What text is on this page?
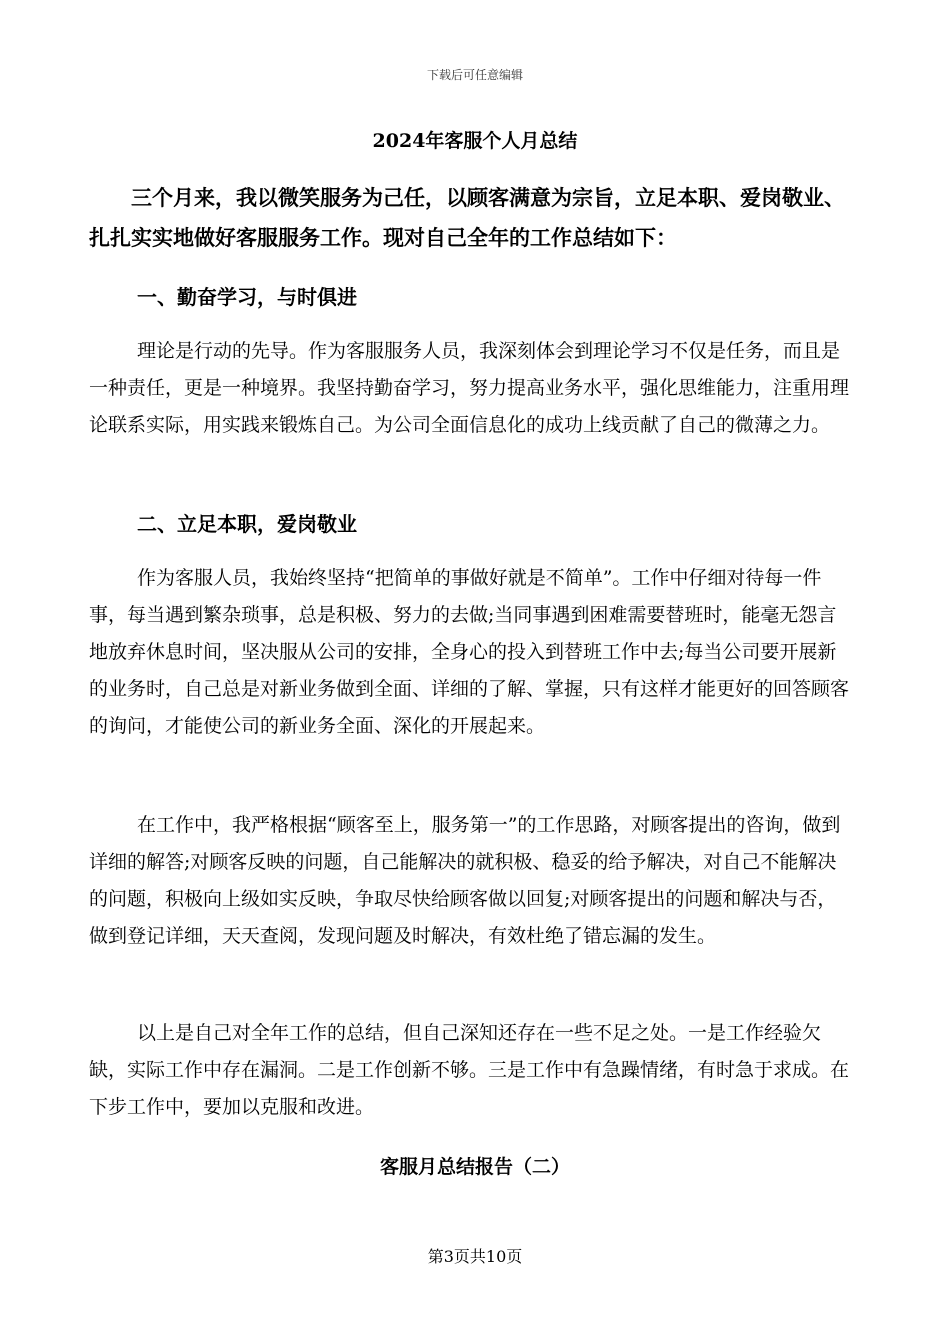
下载后可任意编辑
2024年客服个人月总结

三个月来，我以微笑服务为己任，以顾客满意为宗旨，立足本职、爱岗敬业、扎扎实实地做好客服服务工作。现对自己全年的工作总结如下：

一、勤奋学习，与时俱进

理论是行动的先导。作为客服服务人员，我深刻体会到理论学习不仅是任务，而且是一种责任，更是一种境界。我坚持勤奋学习，努力提高业务水平，强化思维能力，注重用理论联系实际，用实践来锻炼自己。为公司全面信息化的成功上线贡献了自己的微薄之力。

二、立足本职，爱岗敬业

作为客服人员，我始终坚持“把简单的事做好就是不简单”。工作中仔细对待每一件事，每当遇到繁杂琐事，总是积极、努力的去做;当同事遇到困难需要替班时，能毫无怨言地放弃休息时间，坚决服从公司的安排，全身心的投入到替班工作中去;每当公司要开展新的业务时，自己总是对新业务做到全面、详细的了解、掌握，只有这样才能更好的回答顾客的询问，才能使公司的新业务全面、深化的开展起来。

在工作中，我严格根据“顾客至上，服务第一”的工作思路，对顾客提出的咨询，做到详细的解答;对顾客反映的问题，自己能解决的就积极、稳妥的给予解决，对自己不能解决的问题，积极向上级如实反映，争取尽快给顾客做以回复;对顾客提出的问题和解决与否，做到登记详细，天天查阅，发现问题及时解决，有效杜绝了错忘漏的发生。

以上是自己对全年工作的总结，但自己深知还存在一些不足之处。一是工作经验欠缺，实际工作中存在漏洞。二是工作创新不够。三是工作中有急躁情绪，有时急于求成。在下步工作中，要加以克服和改进。

客服月总结报告（二）
第3页共10页
